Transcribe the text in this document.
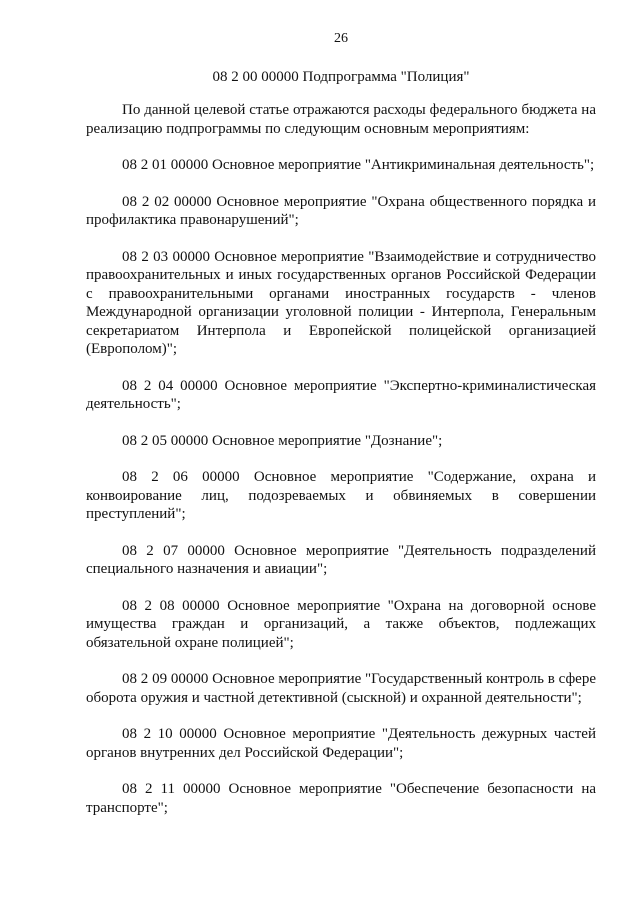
26
08 2 00 00000 Подпрограмма "Полиция"

По данной целевой статье отражаются расходы федерального бюджета на реализацию подпрограммы по следующим основным мероприятиям:

08 2 01 00000 Основное мероприятие "Антикриминальная деятельность";

08 2 02 00000 Основное мероприятие "Охрана общественного порядка и профилактика правонарушений";

08 2 03 00000 Основное мероприятие "Взаимодействие и сотрудничество правоохранительных и иных государственных органов Российской Федерации с правоохранительными органами иностранных государств - членов Международной организации уголовной полиции - Интерпола, Генеральным секретариатом Интерпола и Европейской полицейской организацией (Европолом)";

08 2 04 00000 Основное мероприятие "Экспертно-криминалистическая деятельность";

08 2 05 00000 Основное мероприятие "Дознание";

08 2 06 00000 Основное мероприятие "Содержание, охрана и конвоирование лиц, подозреваемых и обвиняемых в совершении преступлений";

08 2 07 00000 Основное мероприятие "Деятельность подразделений специального назначения и авиации";

08 2 08 00000 Основное мероприятие "Охрана на договорной основе имущества граждан и организаций, а также объектов, подлежащих обязательной охране полицией";

08 2 09 00000 Основное мероприятие "Государственный контроль в сфере оборота оружия и частной детективной (сыскной) и охранной деятельности";

08 2 10 00000 Основное мероприятие "Деятельность дежурных частей органов внутренних дел Российской Федерации";

08 2 11 00000 Основное мероприятие "Обеспечение безопасности на транспорте";
